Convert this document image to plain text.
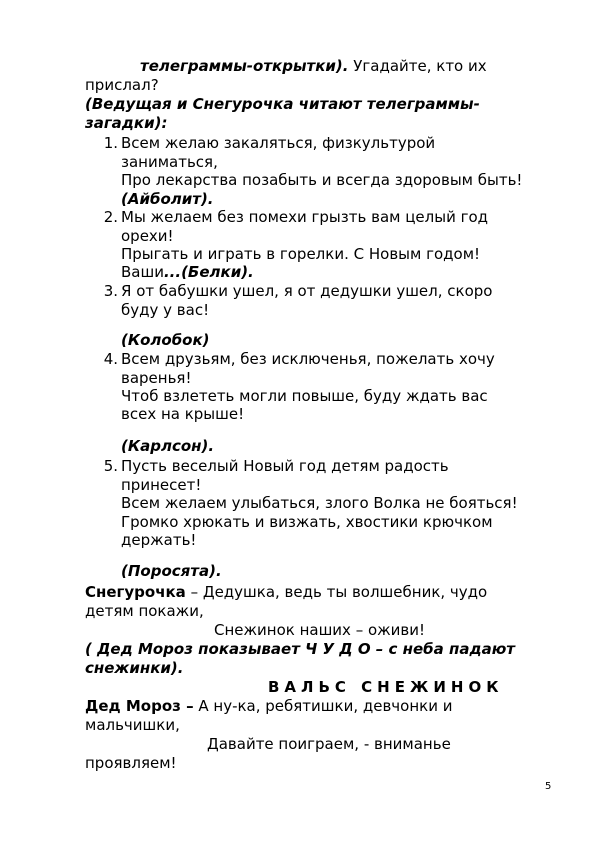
телеграммы-открытки). Угадайте, кто их
прислал?
(Ведущая и Снегурочка читают телеграммы-
загадки):
1. Всем желаю закаляться, физкультурой
заниматься,
Про лекарства позабыть и всегда здоровым быть!
(Айболит).
2. Мы желаем без помехи грызть вам целый год
орехи!
Прыгать и играть в горелки. С Новым годом!
Ваши...(Белки).
3. Я от бабушки ушел, я от дедушки ушел, скоро
буду у вас!
(Колобок)
4. Всем друзьям, без исключенья, пожелать хочу
варенья!
Чтоб взлететь могли повыше, буду ждать вас
всех на крыше!
(Карлсон).
5. Пусть веселый Новый год детям радость
принесет!
Всем желаем улыбаться, злого Волка не бояться!
Громко хрюкать и визжать, хвостики крючком
держать!
(Поросята).
Снегурочка – Дедушка, ведь ты волшебник, чудо
детям покажи,
Снежинок наших – оживи!
( Дед Мороз показывает Ч У Д О – с неба падают
снежинки).
ВАЛЬС СНЕЖИНОК
Дед Мороз – А ну-ка, ребятишки, девчонки и
мальчишки,
Давайте поиграем, - вниманье
проявляем!
5
